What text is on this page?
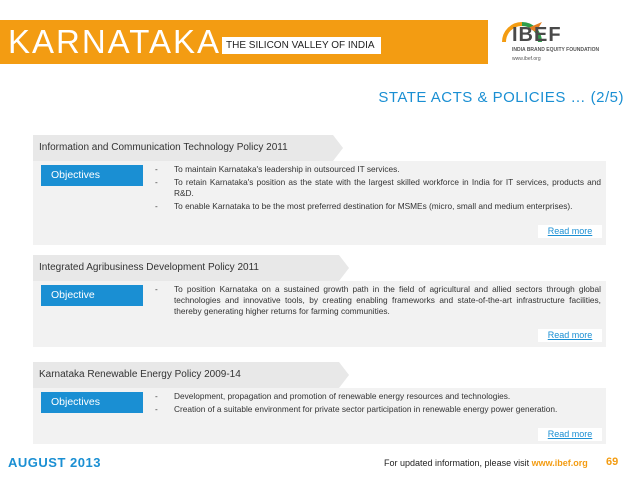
KARNATAKA THE SILICON VALLEY OF INDIA	IBEF
INDIA BRAND EQUITY FOUNDATION
www.ibef.org
STATE ACTS & POLICIES … (2/5)
Information and Communication Technology Policy 2011
Objectives	- To maintain Karnataka's leadership in outsourced IT services.
- To retain Karnataka's position as the state with the largest skilled workforce in India for IT services, products and R&D.
- To enable Karnataka to be the most preferred destination for MSMEs (micro, small and medium enterprises).
Read more
Integrated Agribusiness Development Policy 2011
Objective	- To position Karnataka on a sustained growth path in the field of agricultural and allied sectors through global technologies and innovative tools, by creating enabling frameworks and state-of-the-art infrastructure facilities, thereby generating higher returns for farming communities.
Read more
Karnataka Renewable Energy Policy 2009-14
Objectives	- Development, propagation and promotion of renewable energy resources and technologies.
- Creation of a suitable environment for private sector participation in renewable energy power generation.
Read more
AUGUST 2013	For updated information, please visit www.ibef.org 69
